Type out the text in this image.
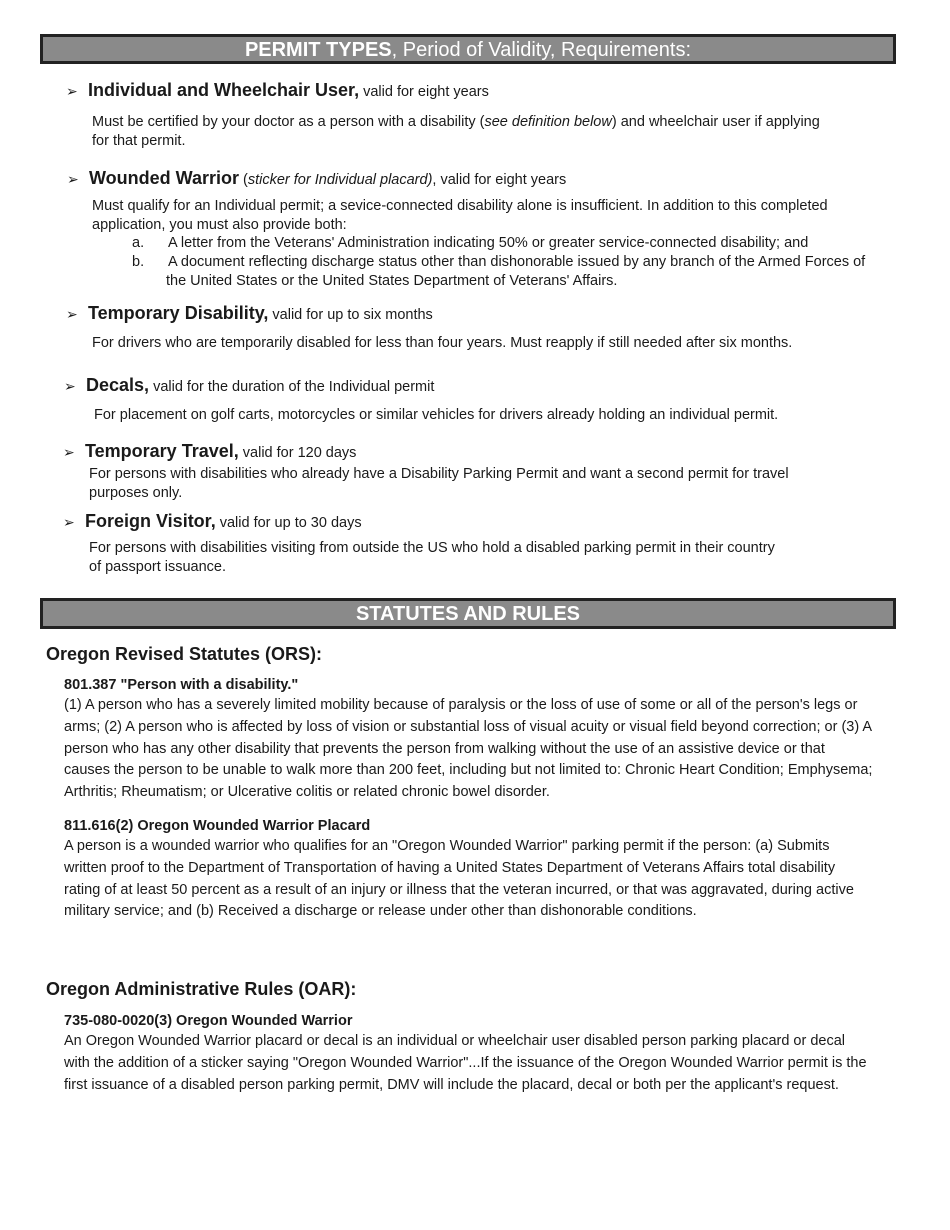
PERMIT TYPES, Period of Validity, Requirements:
➢ Individual and Wheelchair User, valid for eight years
Must be certified by your doctor as a person with a disability (see definition below) and wheelchair user if applying for that permit.
➢ Wounded Warrior (sticker for Individual placard), valid for eight years
Must qualify for an Individual permit; a sevice-connected disability alone is insufficient. In addition to this completed application, you must also provide both:
a. A letter from the Veterans' Administration indicating 50% or greater service-connected disability; and
b. A document reflecting discharge status other than dishonorable issued by any branch of the Armed Forces of the United States or the United States Department of Veterans' Affairs.
➢ Temporary Disability, valid for up to six months
For drivers who are temporarily disabled for less than four years. Must reapply if still needed after six months.
➢ Decals, valid for the duration of the Individual permit
For placement on golf carts, motorcycles or similar vehicles for drivers already holding an individual permit.
➢ Temporary Travel, valid for 120 days
For persons with disabilities who already have a Disability Parking Permit and want a second permit for travel purposes only.
➢ Foreign Visitor, valid for up to 30 days
For persons with disabilities visiting from outside the US who hold a disabled parking permit in their country of passport issuance.
STATUTES AND RULES
Oregon Revised Statutes (ORS):
801.387 "Person with a disability."
(1) A person who has a severely limited mobility because of paralysis or the loss of use of some or all of the person's legs or arms; (2) A person who is affected by loss of vision or substantial loss of visual acuity or visual field beyond correction; or (3) A person who has any other disability that prevents the person from walking without the use of an assistive device or that causes the person to be unable to walk more than 200 feet, including but not limited to: Chronic Heart Condition; Emphysema; Arthritis; Rheumatism; or Ulcerative colitis or related chronic bowel disorder.
811.616(2) Oregon Wounded Warrior Placard
A person is a wounded warrior who qualifies for an "Oregon Wounded Warrior" parking permit if the person: (a) Submits written proof to the Department of Transportation of having a United States Department of Veterans Affairs total disability rating of at least 50 percent as a result of an injury or illness that the veteran incurred, or that was aggravated, during active military service; and (b) Received a discharge or release under other than dishonorable conditions.
Oregon Administrative Rules (OAR):
735-080-0020(3) Oregon Wounded Warrior
An Oregon Wounded Warrior placard or decal is an individual or wheelchair user disabled person parking placard or decal with the addition of a sticker saying "Oregon Wounded Warrior"...If the issuance of the Oregon Wounded Warrior permit is the first issuance of a disabled person parking permit, DMV will include the placard, decal or both per the applicant's request.
